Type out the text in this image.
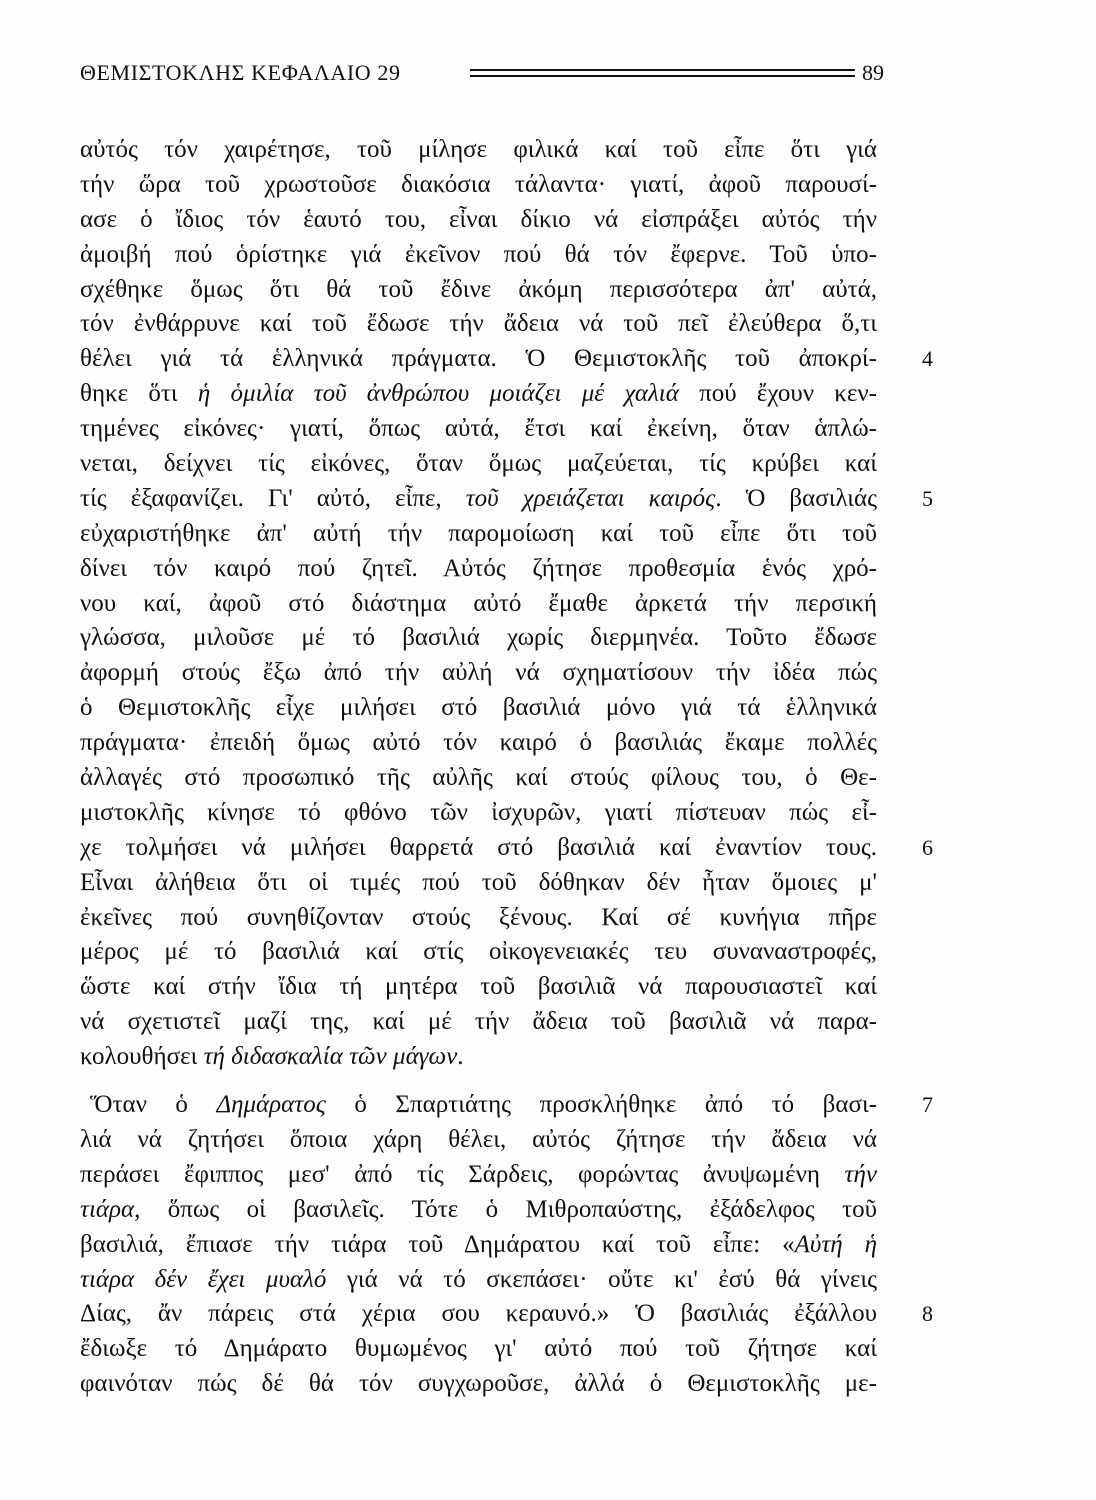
ΘΕΜΙΣΤΟΚΛΗΣ ΚΕΦΑΛΑΙΟ 29	89
αὐτός τόν χαιρέτησε, τοῦ μίλησε φιλικά καί τοῦ εἶπε ὅτι γιά
τήν ὥρα τοῦ χρωστοῦσε διακόσια τάλαντα· γιατί, ἀφοῦ παρουσί-
ασε ὁ ἴδιος τόν ἑαυτό του, εἶναι δίκιο νά εἰσπράξει αὐτός τήν
ἀμοιβή πού ὁρίστηκε γιά ἐκεῖνον πού θά τόν ἔφερνε. Τοῦ ὑπο-
σχέθηκε ὅμως ὅτι θά τοῦ ἔδινε ἀκόμη περισσότερα ἀπ' αὐτά,
τόν ἐνθάρρυνε καί τοῦ ἔδωσε τήν ἄδεια νά τοῦ πεῖ ἐλεύθερα ὅ,τι
θέλει γιά τά ἑλληνικά πράγματα. Ὁ Θεμιστοκλῆς τοῦ ἀποκρί- 4
θηκε ὅτι ἡ ὁμιλία τοῦ ἀνθρώπου μοιάζει μέ χαλιά πού ἔχουν κεν-
τημένες εἰκόνες· γιατί, ὅπως αὐτά, ἔτσι καί ἐκείνη, ὅταν ἁπλώ-
νεται, δείχνει τίς εἰκόνες, ὅταν ὅμως μαζεύεται, τίς κρύβει καί
τίς ἐξαφανίζει. Γι' αὐτό, εἶπε, τοῦ χρειάζεται καιρός. Ὁ βασιλιάς 5
εὐχαριστήθηκε ἀπ' αὐτή τήν παρομοίωση καί τοῦ εἶπε ὅτι τοῦ
δίνει τόν καιρό πού ζητεῖ. Αὐτός ζήτησε προθεσμία ἑνός χρό-
νου καί, ἀφοῦ στό διάστημα αὐτό ἔμαθε ἀρκετά τήν περσική
γλώσσα, μιλοῦσε μέ τό βασιλιά χωρίς διερμηνέα. Τοῦτο ἔδωσε
ἀφορμή στούς ἔξω ἀπό τήν αὐλή νά σχηματίσουν τήν ἰδέα πώς
ὁ Θεμιστοκλῆς εἶχε μιλήσει στό βασιλιά μόνο γιά τά ἑλληνικά
πράγματα· ἐπειδή ὅμως αὐτό τόν καιρό ὁ βασιλιάς ἔκαμε πολλές
ἀλλαγές στό προσωπικό τῆς αὐλῆς καί στούς φίλους του, ὁ Θε-
μιστοκλῆς κίνησε τό φθόνο τῶν ἰσχυρῶν, γιατί πίστευαν πώς εἶ-
χε τολμήσει νά μιλήσει θαρρετά στό βασιλιά καί ἐναντίον τους. 6
Εἶναι ἀλήθεια ὅτι οἱ τιμές πού τοῦ δόθηκαν δέν ἦταν ὅμοιες μ'
ἐκεῖνες πού συνηθίζονταν στούς ξένους. Καί σέ κυνήγια πῆρε
μέρος μέ τό βασιλιά καί στίς οἰκογενειακές τευ συναναστροφές,
ὥστε καί στήν ἴδια τή μητέρα τοῦ βασιλιᾶ νά παρουσιαστεῖ καί
νά σχετιστεῖ μαζί της, καί μέ τήν ἄδεια τοῦ βασιλιᾶ νά παρα-
κολουθήσει τή διδασκαλία τῶν μάγων.
Ὅταν ὁ Δημάρατος ὁ Σπαρτιάτης προσκλήθηκε ἀπό τό βασι- 7
λιά νά ζητήσει ὅποια χάρη θέλει, αὐτός ζήτησε τήν ἄδεια νά
περάσει ἔφιππος μεσ' ἀπό τίς Σάρδεις, φορώντας ἀνυψωμένη τήν
τιάρα, ὅπως οἱ βασιλεῖς. Τότε ὁ Μιθροπαύστης, ἐξάδελφος τοῦ
βασιλιά, ἔπιασε τήν τιάρα τοῦ Δημάρατου καί τοῦ εἶπε: «Αὐτή ἡ
τιάρα δέν ἔχει μυαλό γιά νά τό σκεπάσει· οὔτε κι' ἐσύ θά γίνεις
Δίας, ἄν πάρεις στά χέρια σου κεραυνό.» Ὁ βασιλιάς ἐξάλλου 8
ἔδιωξε τό Δημάρατο θυμωμένος γι' αὐτό πού τοῦ ζήτησε καί
φαινόταν πώς δέ θά τόν συγχωροῦσε, ἀλλά ὁ Θεμιστοκλῆς με-
